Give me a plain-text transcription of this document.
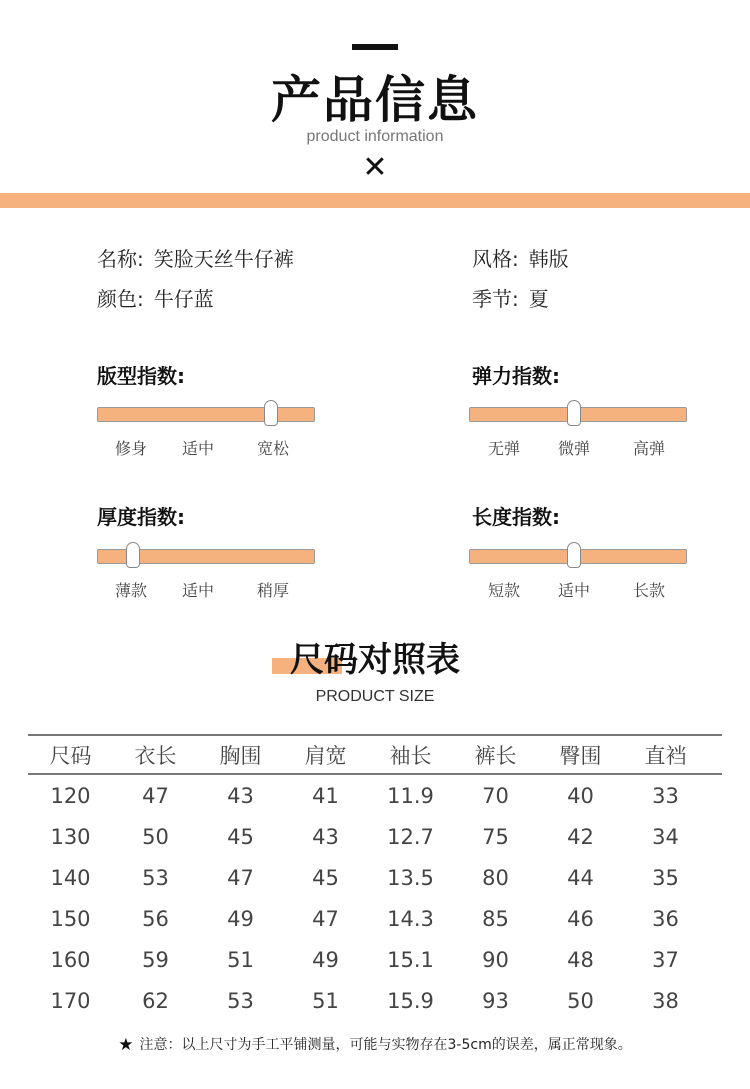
产品信息
product information
✕
名称: 笑脸天丝牛仔裤	风格: 韩版
颜色: 牛仔蓝	季节: 夏
版型指数:
修身	适中	宽松
弹力指数:
无弹	微弹	高弹
厚度指数:
薄款	适中	稍厚
长度指数:
短款	适中	长款
尺码对照表
PRODUCT SIZE
尺码	衣长	胸围	肩宽	袖长	裤长	臀围	直裆
120	47	43	41	11.9	70	40	33
130	50	45	43	12.7	75	42	34
140	53	47	45	13.5	80	44	35
150	56	49	47	14.3	85	46	36
160	59	51	49	15.1	90	48	37
170	62	53	51	15.9	93	50	38
★ 注意：以上尺寸为手工平铺测量，可能与实物存在3-5cm的误差，属正常现象。
